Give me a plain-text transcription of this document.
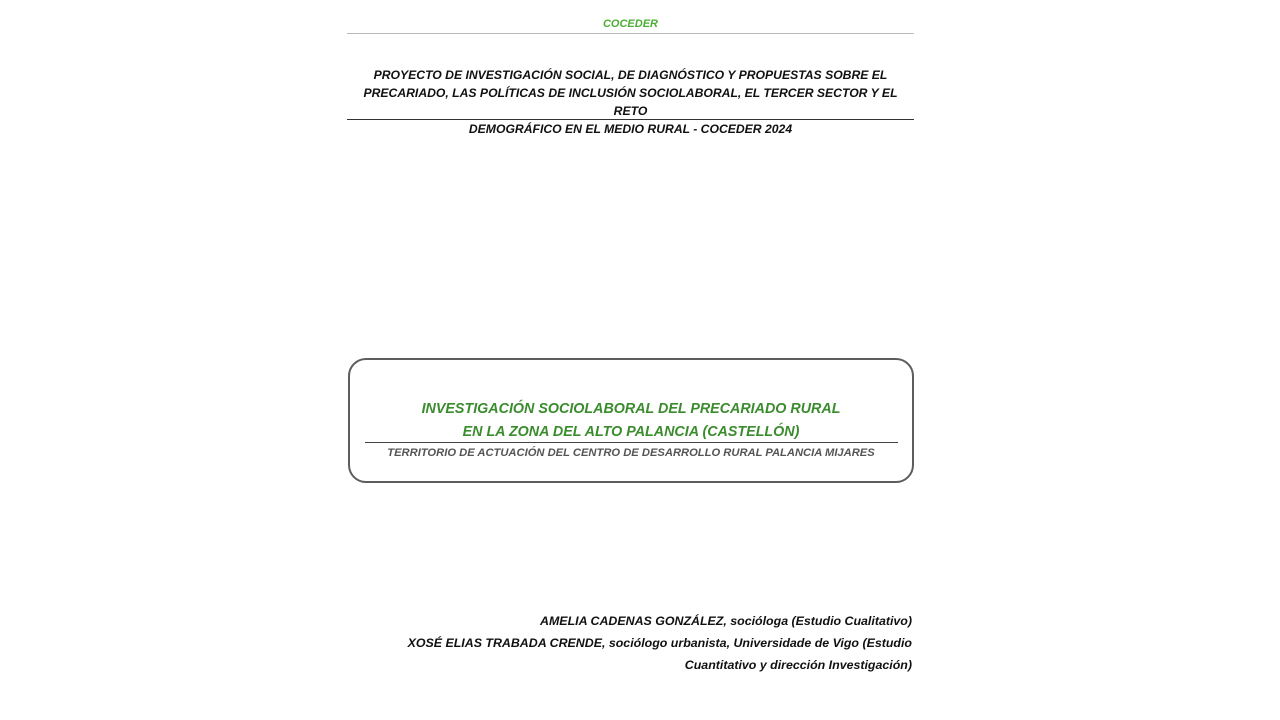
COCEDER
PROYECTO DE INVESTIGACIÓN SOCIAL, DE DIAGNÓSTICO Y PROPUESTAS SOBRE EL
PRECARIADO, LAS POLÍTICAS DE INCLUSIÓN SOCIOLABORAL, EL TERCER SECTOR Y EL RETO
DEMOGRÁFICO EN EL MEDIO RURAL - COCEDER 2024
INVESTIGACIÓN SOCIOLABORAL DEL PRECARIADO RURAL
EN LA ZONA DEL ALTO PALANCIA (CASTELLÓN)
TERRITORIO DE ACTUACIÓN DEL CENTRO DE DESARROLLO RURAL PALANCIA MIJARES
AMELIA CADENAS GONZÁLEZ, socióloga (Estudio Cualitativo)
XOSÉ ELIAS TRABADA CRENDE, sociólogo urbanista, Universidade de Vigo (Estudio
Cuantitativo y dirección Investigación)
